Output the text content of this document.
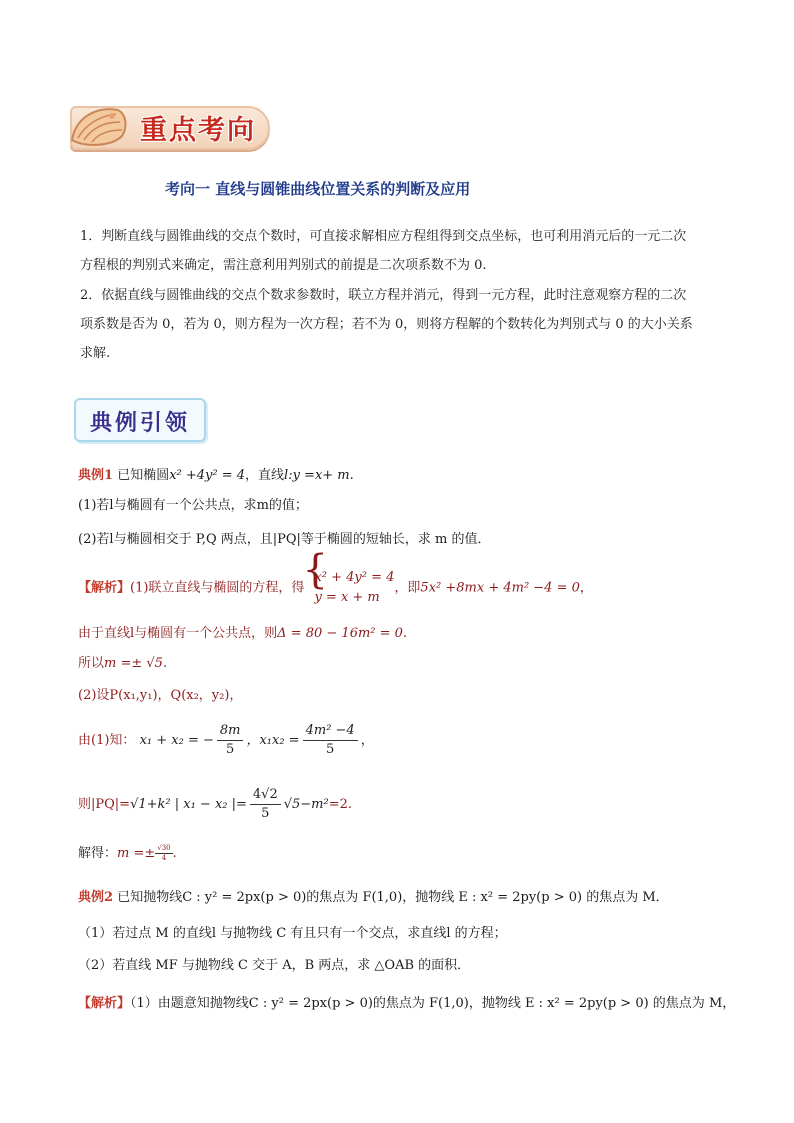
重点考向
考向一 直线与圆锥曲线位置关系的判断及应用

1．判断直线与圆锥曲线的交点个数时，可直接求解相应方程组得到交点坐标，也可利用消元后的一元二次

方程根的判别式来确定，需注意利用判别式的前提是二次项系数不为 0.

2．依据直线与圆锥曲线的交点个数求参数时，联立方程并消元，得到一元方程，此时注意观察方程的二次

项系数是否为 0，若为 0，则方程为一次方程；若不为 0，则将方程解的个数转化为判别式与 0 的大小关系

求解.

典例引领
典例1 已知椭圆x² +4y² = 4，直线l:y =x+ m.
(1)若l与椭圆有一个公共点，求m的值；
(2)若l与椭圆相交于 P,Q 两点，且|PQ|等于椭圆的短轴长，求 m 的值．
【解析】(1)联立直线与椭圆的方程，得
{ x² + 4y² = 4
y = x + m
，即5x² +8mx + 4m² −4 = 0，
由于直线l与椭圆有一个公共点，则Δ = 80 − 16m² = 0.
所以m =± √5.
(2)设P(x₁,y₁)，Q(x₂，y₂)，
由(1)知： x₁ + x₂ = − $\frac{8m}{5}$ ，$x_1x_2 = \frac{\text{4m² −4}}{5}$ ，
则|PQ|=√1+k² | x₁ − x₂ |= $\frac{4√2}{5} √5-m^2=2$.
解得：$m =\pm \frac{√30}{4}$ .
典例2 已知抛物线C : y² = 2px(p > 0)的焦点为 F(1,0)，抛物线 E : x² = 2py(p > 0) 的焦点为 M．
（1）若过点 M 的直线l 与抛物线 C 有且只有一个交点，求直线l 的方程；
（2）若直线 MF 与抛物线 C 交于 A，B 两点，求 △OAB 的面积．
【解析】（1）由题意知抛物线C : y² = 2px(p > 0)的焦点为 F(1,0)，抛物线 E : x² = 2py(p > 0) 的焦点为 M，
